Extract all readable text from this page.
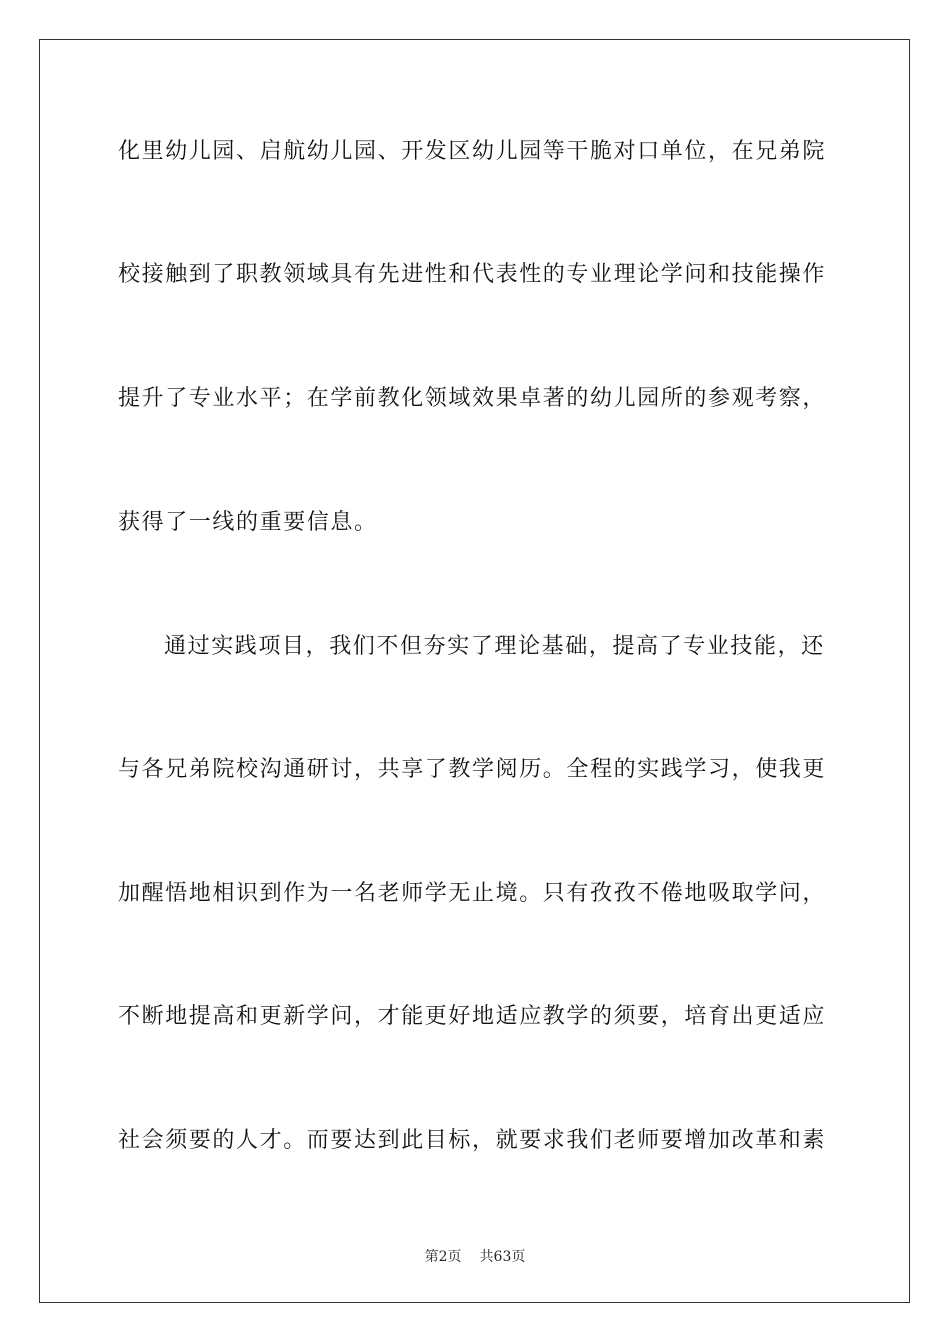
化里幼儿园、启航幼儿园、开发区幼儿园等干脆对口单位，在兄弟院
校接触到了职教领域具有先进性和代表性的专业理论学问和技能操作
提升了专业水平；在学前教化领域效果卓著的幼儿园所的参观考察，
获得了一线的重要信息。
通过实践项目，我们不但夯实了理论基础，提高了专业技能，还
与各兄弟院校沟通研讨，共享了教学阅历。全程的实践学习，使我更
加醒悟地相识到作为一名老师学无止境。只有孜孜不倦地吸取学问，
不断地提高和更新学问，才能更好地适应教学的须要，培育出更适应
社会须要的人才。而要达到此目标，就要求我们老师要增加改革和素
第2页 共63页
